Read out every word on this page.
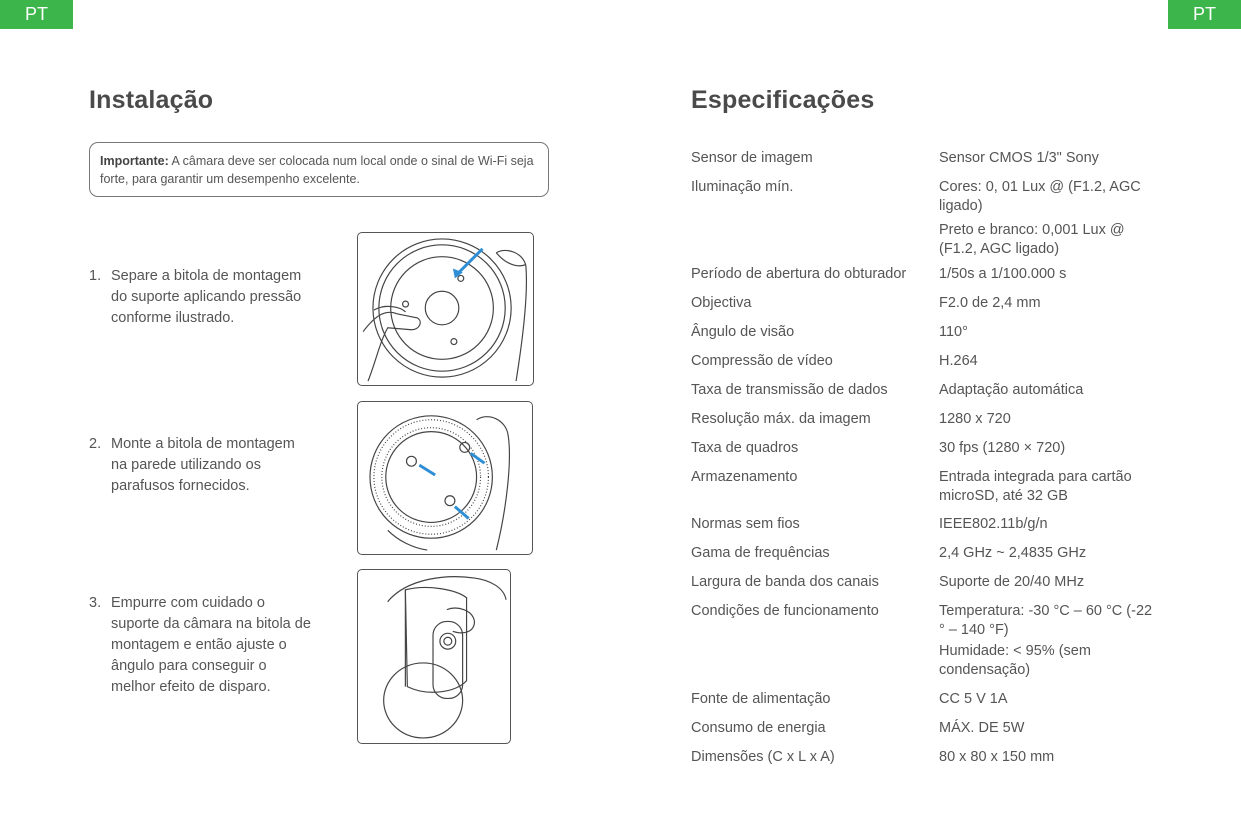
PT	PT
Instalação	Especificações
Importante: A câmara deve ser colocada num local onde o sinal de Wi-Fi seja forte, para garantir um desempenho excelente.
1. Separe a bitola de montagem do suporte aplicando pressão conforme ilustrado.
2. Monte a bitola de montagem na parede utilizando os parafusos fornecidos.
3. Empurre com cuidado o suporte da câmara na bitola de montagem e então ajuste o ângulo para conseguir o melhor efeito de disparo.
Sensor de imagem	Sensor CMOS 1/3" Sony
Iluminação mín.	Cores: 0, 01 Lux @ (F1.2, AGC ligado)
Preto e branco: 0,001 Lux @ (F1.2, AGC ligado)
Período de abertura do obturador	1/50s a 1/100.000 s
Objectiva	F2.0 de 2,4 mm
Ângulo de visão	110°
Compressão de vídeo	H.264
Taxa de transmissão de dados	Adaptação automática
Resolução máx. da imagem	1280 x 720
Taxa de quadros	30 fps (1280 × 720)
Armazenamento	Entrada integrada para cartão microSD, até 32 GB
Normas sem fios	IEEE802.11b/g/n
Gama de frequências	2,4 GHz ~ 2,4835 GHz
Largura de banda dos canais	Suporte de 20/40 MHz
Condições de funcionamento	Temperatura: -30 °C – 60 °C (-22 ° – 140 °F)
Humidade: < 95% (sem condensação)
Fonte de alimentação	CC 5 V 1A
Consumo de energia	MÁX. DE 5W
Dimensões (C x L x A)	80 x 80 x 150 mm
